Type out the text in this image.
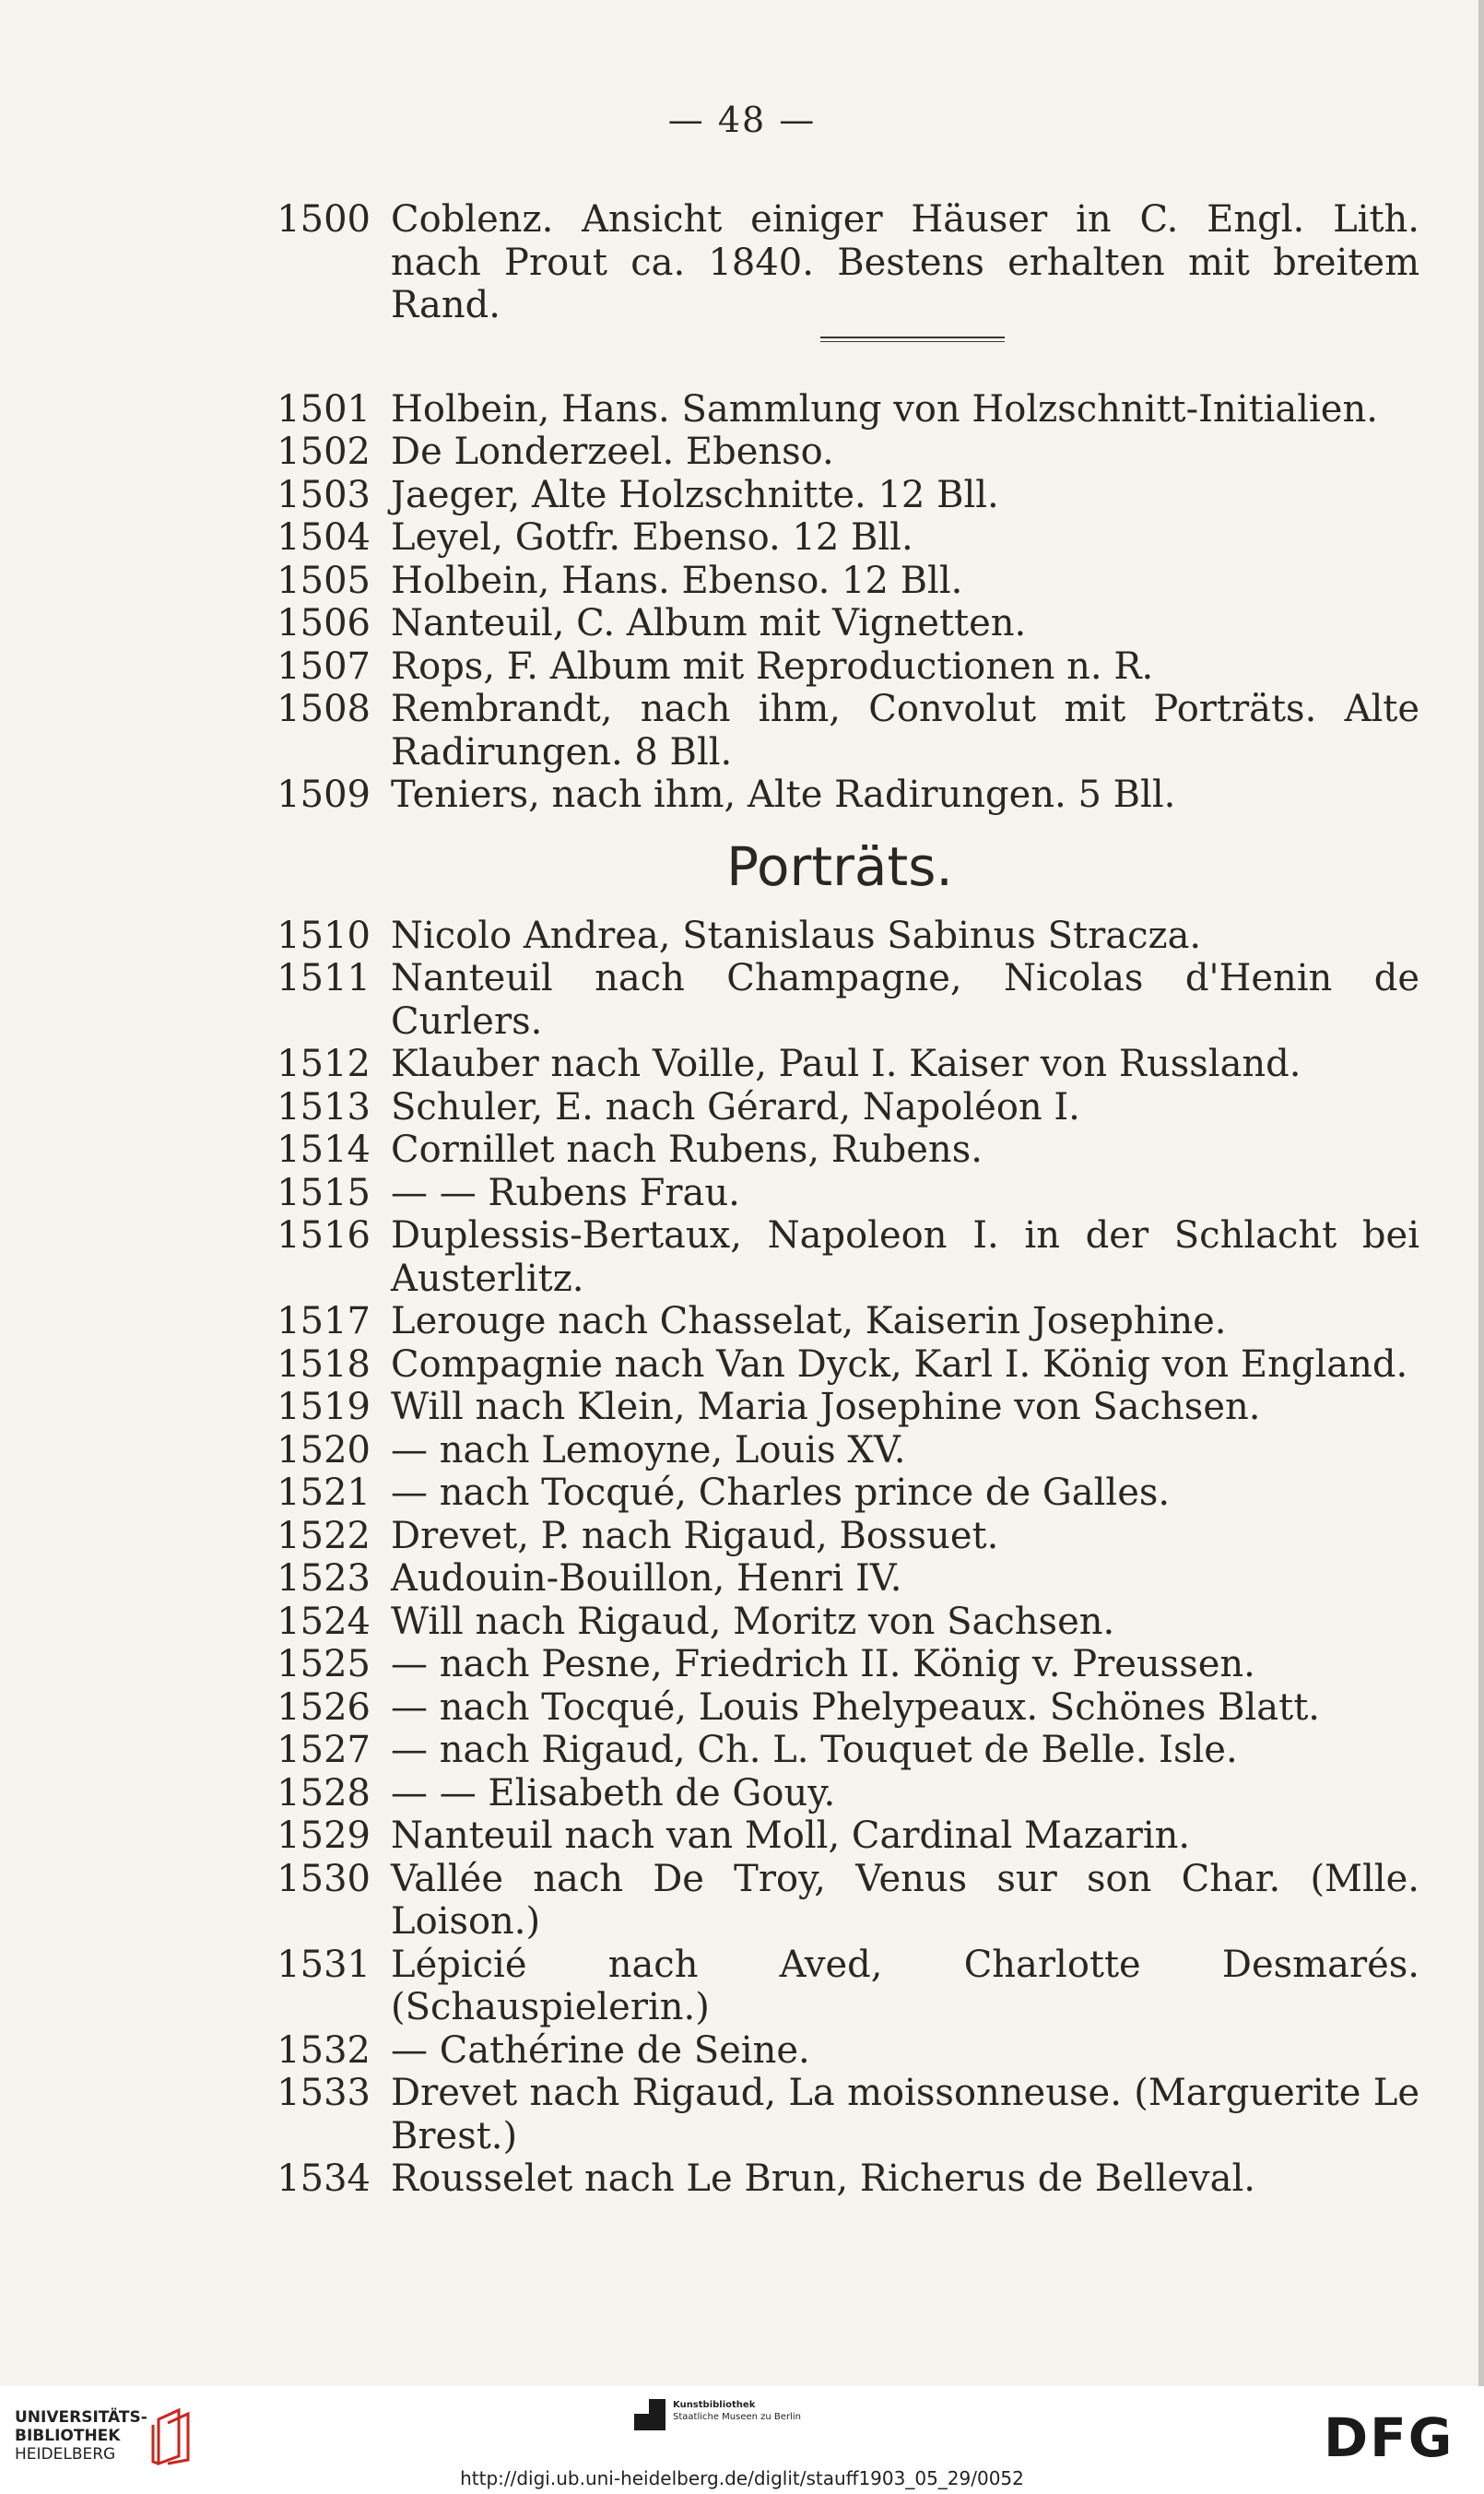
— 48 —
1500 Coblenz. Ansicht einiger Häuser in C. Engl. Lith.
nach Prout ca. 1840. Bestens erhalten mit breitem
Rand.
1501 Holbein, Hans. Sammlung von Holzschnitt-Initialien.
1502 De Londerzeel. Ebenso.
1503 Jaeger, Alte Holzschnitte. 12 Bll.
1504 Leyel, Gotfr. Ebenso. 12 Bll.
1505 Holbein, Hans. Ebenso. 12 Bll.
1506 Nanteuil, C. Album mit Vignetten.
1507 Rops, F. Album mit Reproductionen n. R.
1508 Rembrandt, nach ihm, Convolut mit Porträts. Alte
Radirungen. 8 Bll.
1509 Teniers, nach ihm, Alte Radirungen. 5 Bll.
Porträts.
1510 Nicolo Andrea, Stanislaus Sabinus Stracza.
1511 Nanteuil nach Champagne, Nicolas d'Henin de Curlers.
1512 Klauber nach Voille, Paul I. Kaiser von Russland.
1513 Schuler, E. nach Gérard, Napoléon I.
1514 Cornillet nach Rubens, Rubens.
1515 — — Rubens Frau.
1516 Duplessis-Bertaux, Napoleon I. in der Schlacht bei
Austerlitz.
1517 Lerouge nach Chasselat, Kaiserin Josephine.
1518 Compagnie nach Van Dyck, Karl I. König von England.
1519 Will nach Klein, Maria Josephine von Sachsen.
1520 — nach Lemoyne, Louis XV.
1521 — nach Tocqué, Charles prince de Galles.
1522 Drevet, P. nach Rigaud, Bossuet.
1523 Audouin-Bouillon, Henri IV.
1524 Will nach Rigaud, Moritz von Sachsen.
1525 — nach Pesne, Friedrich II. König v. Preussen.
1526 — nach Tocqué, Louis Phelypeaux. Schönes Blatt.
1527 — nach Rigaud, Ch. L. Touquet de Belle. Isle.
1528 — — Elisabeth de Gouy.
1529 Nanteuil nach van Moll, Cardinal Mazarin.
1530 Vallée nach De Troy, Venus sur son Char. (Mlle.
Loison.)
1531 Lépicié nach Aved, Charlotte Desmarés. (Schauspielerin.)
1532 — Cathérine de Seine.
1533 Drevet nach Rigaud, La moissonneuse. (Marguerite Le
Brest.)
1534 Rousselet nach Le Brun, Richerus de Belleval.
UNIVERSITÄTS-
BIBLIOTHEK
HEIDELBERG
Kunstbibliothek
Staatliche Museen zu Berlin	DFG
http://digi.ub.uni-heidelberg.de/diglit/stauff1903_05_29/0052
